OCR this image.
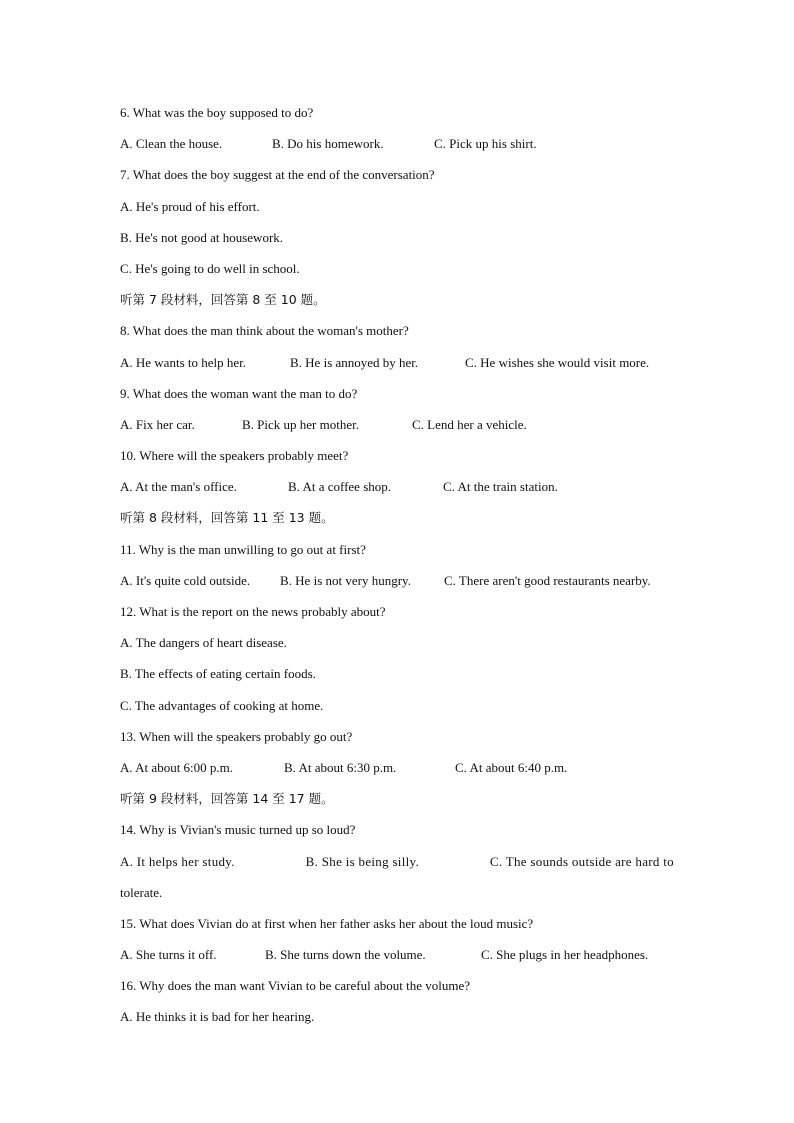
6. What was the boy supposed to do?
A. Clean the house.	B. Do his homework.	C. Pick up his shirt.
7. What does the boy suggest at the end of the conversation?
A. He's proud of his effort.
B. He's not good at housework.
C. He's going to do well in school.
听第 7 段材料，回答第 8 至 10 题。
8. What does the man think about the woman's mother?
A. He wants to help her.	B. He is annoyed by her.	C. He wishes she would visit more.
9. What does the woman want the man to do?
A. Fix her car.	B. Pick up her mother.	C. Lend her a vehicle.
10. Where will the speakers probably meet?
A. At the man's office.	B. At a coffee shop.	C. At the train station.
听第 8 段材料，回答第 11 至 13 题。
11. Why is the man unwilling to go out at first?
A. It's quite cold outside.	B. He is not very hungry.	C. There aren't good restaurants nearby.
12. What is the report on the news probably about?
A. The dangers of heart disease.
B. The effects of eating certain foods.
C. The advantages of cooking at home.
13. When will the speakers probably go out?
A. At about 6:00 p.m.	B. At about 6:30 p.m.	C. At about 6:40 p.m.
听第 9 段材料，回答第 14 至 17 题。
14. Why is Vivian's music turned up so loud?
A. It helps her study.	B. She is being silly.	C. The sounds outside are hard to
tolerate.
15. What does Vivian do at first when her father asks her about the loud music?
A. She turns it off.	B. She turns down the volume.	C. She plugs in her headphones.
16. Why does the man want Vivian to be careful about the volume?
A. He thinks it is bad for her hearing.
